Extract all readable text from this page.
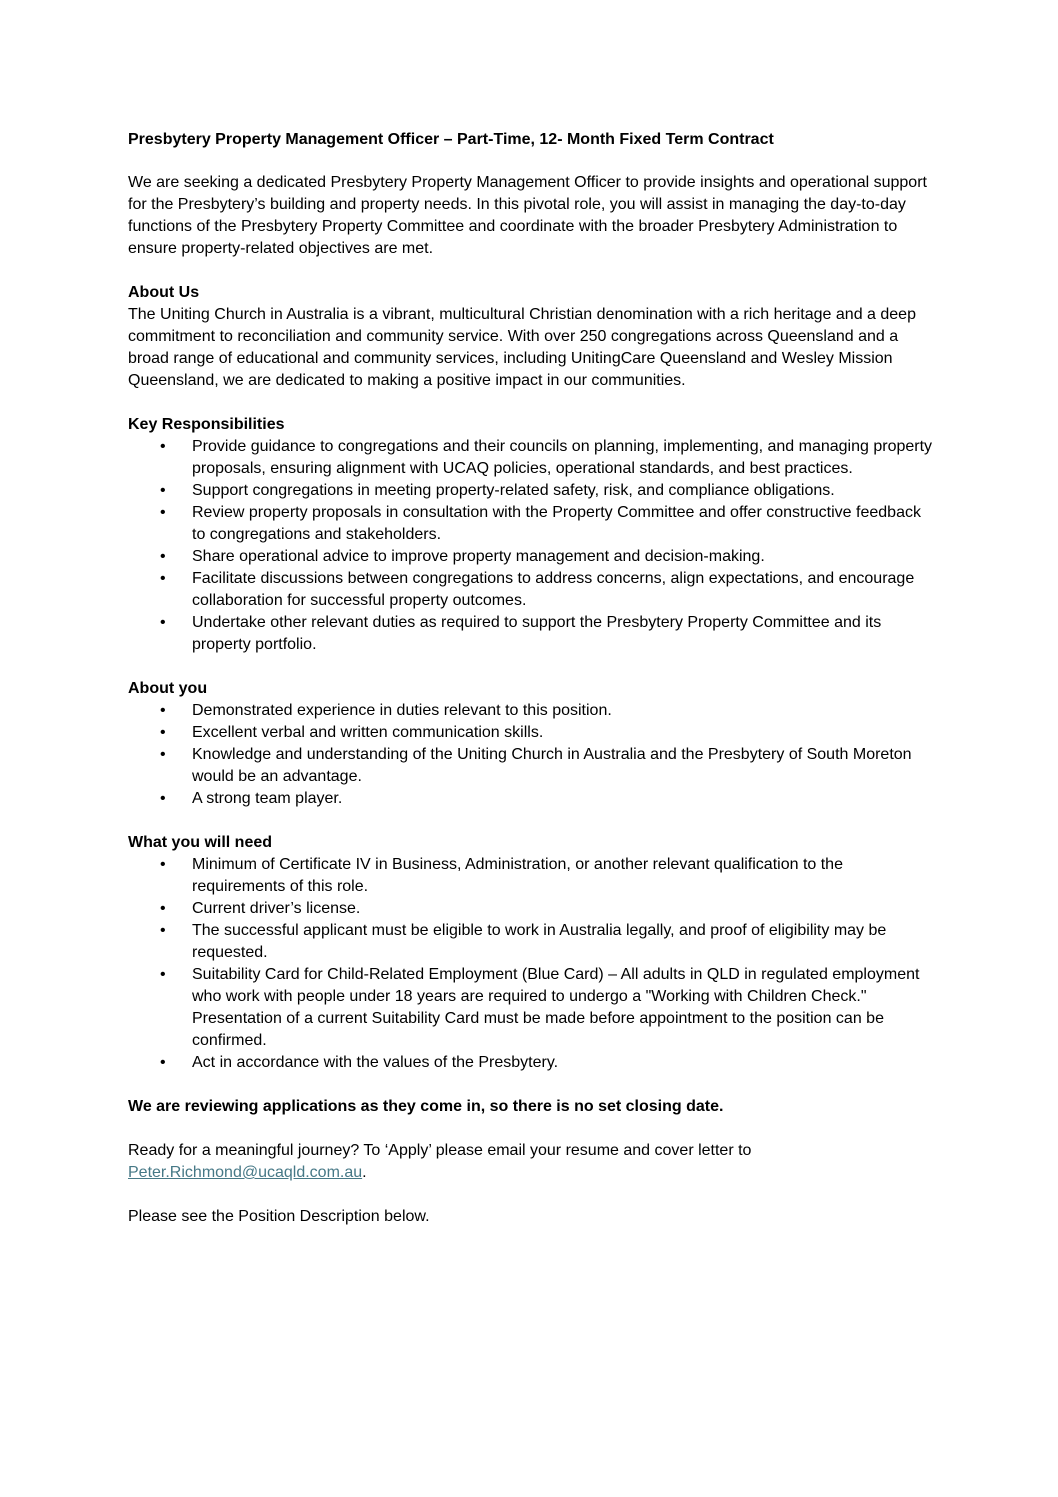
Presbytery Property Management Officer – Part-Time, 12- Month Fixed Term Contract

We are seeking a dedicated Presbytery Property Management Officer to provide insights and operational support for the Presbytery’s building and property needs. In this pivotal role, you will assist in managing the day-to-day functions of the Presbytery Property Committee and coordinate with the broader Presbytery Administration to ensure property-related objectives are met.

About Us

The Uniting Church in Australia is a vibrant, multicultural Christian denomination with a rich heritage and a deep commitment to reconciliation and community service. With over 250 congregations across Queensland and a broad range of educational and community services, including UnitingCare Queensland and Wesley Mission Queensland, we are dedicated to making a positive impact in our communities.

Key Responsibilities

•	Provide guidance to congregations and their councils on planning, implementing, and managing property proposals, ensuring alignment with UCAQ policies, operational standards, and best practices.
•	Support congregations in meeting property-related safety, risk, and compliance obligations.
•	Review property proposals in consultation with the Property Committee and offer constructive feedback to congregations and stakeholders.
•	Share operational advice to improve property management and decision-making.
•	Facilitate discussions between congregations to address concerns, align expectations, and encourage collaboration for successful property outcomes.
•	Undertake other relevant duties as required to support the Presbytery Property Committee and its property portfolio.

About you

•	Demonstrated experience in duties relevant to this position.
•	Excellent verbal and written communication skills.
•	Knowledge and understanding of the Uniting Church in Australia and the Presbytery of South Moreton would be an advantage.
•	A strong team player.

What you will need

•	Minimum of Certificate IV in Business, Administration, or another relevant qualification to the requirements of this role.
•	Current driver’s license.
•	The successful applicant must be eligible to work in Australia legally, and proof of eligibility may be requested.
•	Suitability Card for Child-Related Employment (Blue Card) – All adults in QLD in regulated employment who work with people under 18 years are required to undergo a "Working with Children Check." Presentation of a current Suitability Card must be made before appointment to the position can be confirmed.
•	Act in accordance with the values of the Presbytery.

We are reviewing applications as they come in, so there is no set closing date.

Ready for a meaningful journey? To ‘Apply’ please email your resume and cover letter to Peter.Richmond@ucaqld.com.au.

Please see the Position Description below.
